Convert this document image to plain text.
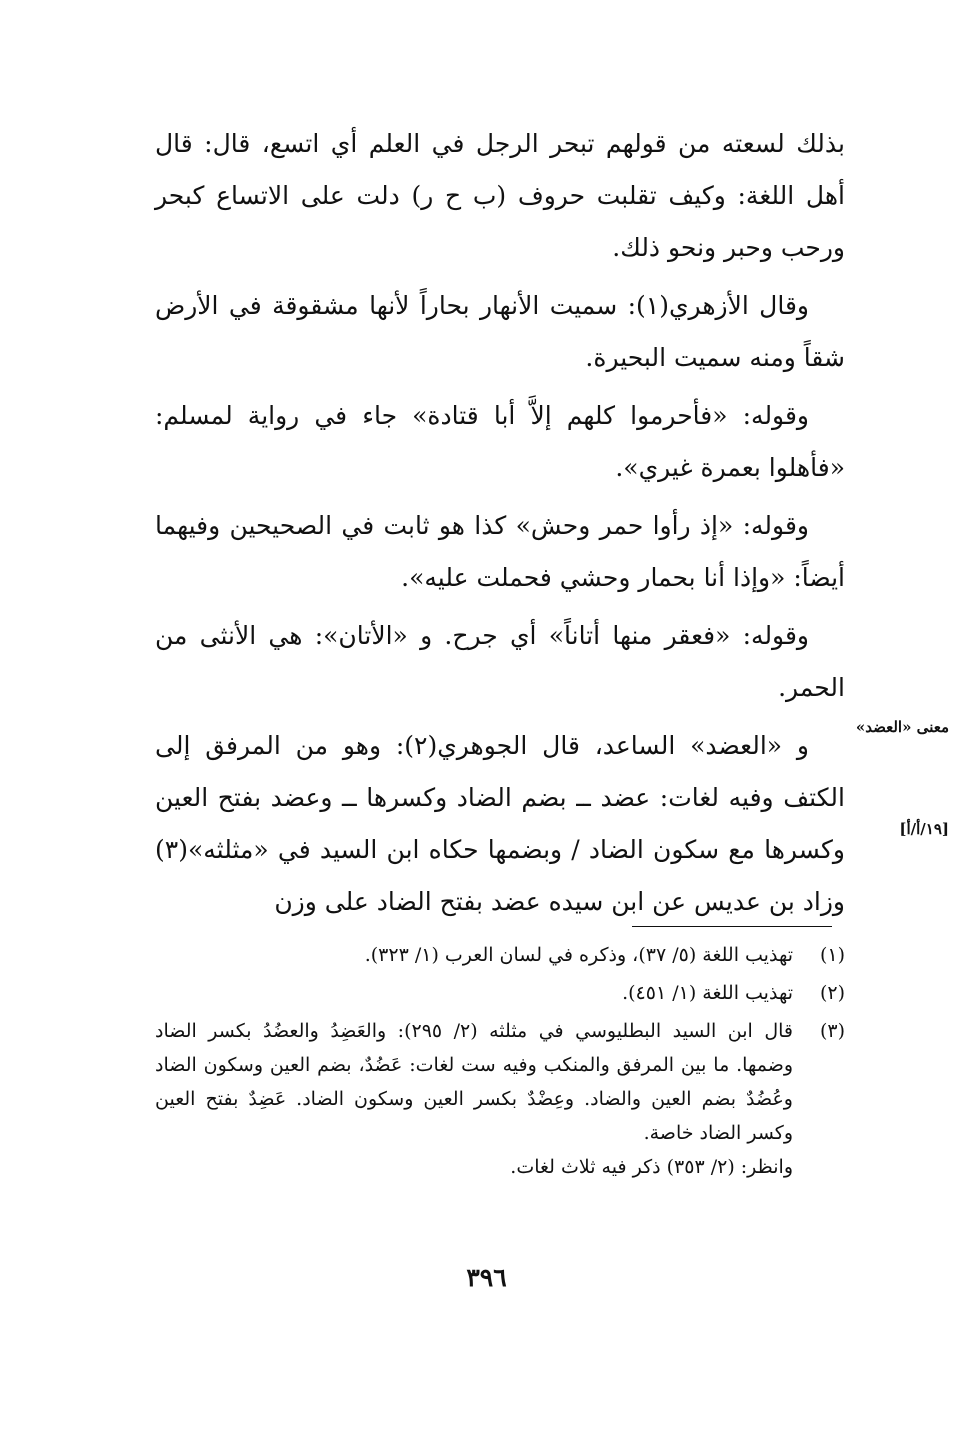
بذلك لسعته من قولهم تبحر الرجل في العلم أي اتسع، قال: قال أهل اللغة: وكيف تقلبت حروف (ب ح ر) دلت على الاتساع كبحر ورحب وحبر ونحو ذلك.

وقال الأزهري(١): سميت الأنهار بحاراً لأنها مشقوقة في الأرض شقاً ومنه سميت البحيرة.

وقوله: «فأحرموا كلهم إلاَّ أبا قتادة» جاء في رواية لمسلم: «فأهلوا بعمرة غيري».

وقوله: «إذ رأوا حمر وحش» كذا هو ثابت في الصحيحين وفيهما أيضاً: «وإذا أنا بحمار وحشي فحملت عليه».

وقوله: «فعقر منها أتاناً» أي جرح. و «الأتان»: هي الأنثى من الحمر.

و «العضد» الساعد، قال الجوهري(٢): وهو من المرفق إلى الكتف وفيه لغات: عضد ــ بضم الضاد وكسرها ــ وعضد بفتح العين وكسرها مع سكون الضاد / وبضمها حكاه ابن السيد في «مثلثه»(٣) وزاد بن عديس عن ابن سيده عضد بفتح الضاد على وزن

معنى «العضد»
[١٩/أ/أ]
(١)
تهذيب اللغة (٥/ ٣٧)، وذكره في لسان العرب (١/ ٣٢٣).
(٢)
تهذيب اللغة (١/ ٤٥١).
(٣)
قال ابن السيد البطليوسي في مثلثه (٢/ ٢٩٥): والعَضِدُ والعضُدُ بكسر الضاد وضمها. ما بين المرفق والمنكب وفيه ست لغات: عَضُدٌ، بضم العين وسكون الضاد وعُضُدٌ بضم العين والضاد. وعِضْدٌ بكسر العين وسكون الضاد. عَضِدٌ بفتح العين وكسر الضاد خاصة.
وانظر: (٢/ ٣٥٣) ذكر فيه ثلاث لغات.
٣٩٦
